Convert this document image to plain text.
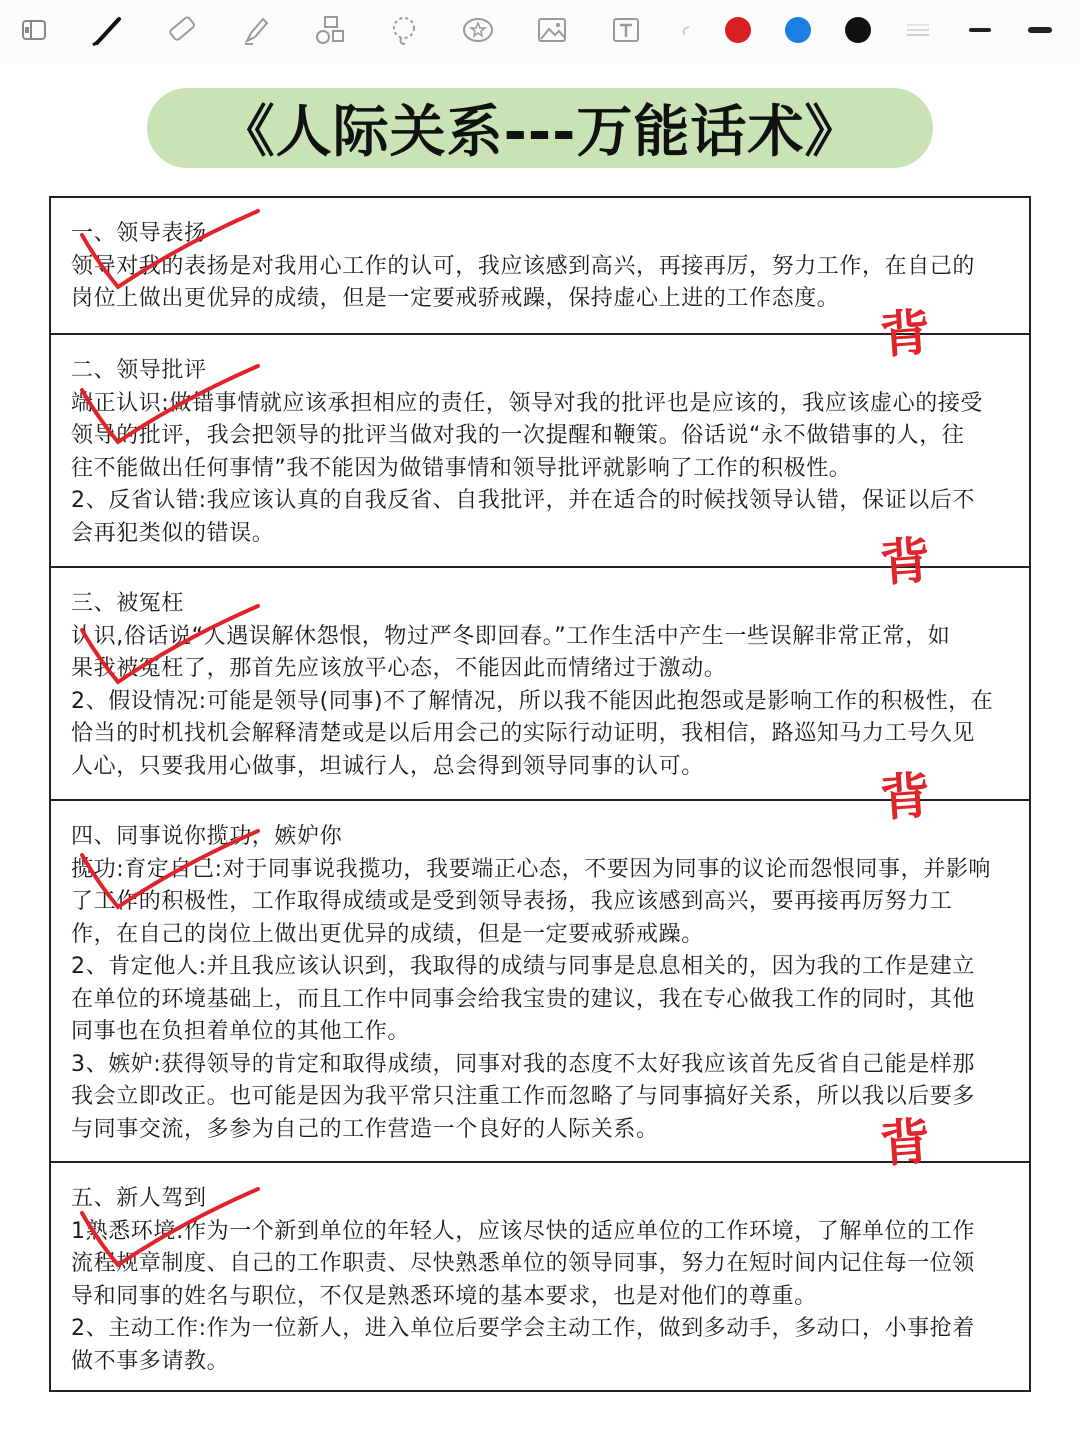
《人际关系---万能话术》
一、领导表扬
领导对我的表扬是对我用心工作的认可，我应该感到高兴，再接再厉，努力工作，在自己的
岗位上做出更优异的成绩，但是一定要戒骄戒躁，保持虚心上进的工作态度。
二、领导批评
端正认识:做错事情就应该承担相应的责任，领导对我的批评也是应该的，我应该虚心的接受
领导的批评，我会把领导的批评当做对我的一次提醒和鞭策。俗话说“永不做错事的人，往
往不能做出任何事情”我不能因为做错事情和领导批评就影响了工作的积极性。
2、反省认错:我应该认真的自我反省、自我批评，并在适合的时候找领导认错，保证以后不
会再犯类似的错误。
三、被冤枉
认识,俗话说“人遇误解休怨恨，物过严冬即回春。”工作生活中产生一些误解非常正常，如
果我被冤枉了，那首先应该放平心态，不能因此而情绪过于激动。
2、假设情况:可能是领导(同事)不了解情况，所以我不能因此抱怨或是影响工作的积极性，在
恰当的时机找机会解释清楚或是以后用会己的实际行动证明，我相信，路巡知马力工号久见
人心，只要我用心做事，坦诚行人，总会得到领导同事的认可。
四、同事说你揽功，嫉妒你
揽功:育定自己:对于同事说我揽功，我要端正心态，不要因为同事的议论而怨恨同事，并影响
了工作的积极性，工作取得成绩或是受到领导表扬，我应该感到高兴，要再接再厉努力工
作，在自己的岗位上做出更优异的成绩，但是一定要戒骄戒躁。
2、肯定他人:并且我应该认识到，我取得的成绩与同事是息息相关的，因为我的工作是建立
在单位的环境基础上，而且工作中同事会给我宝贵的建议，我在专心做我工作的同时，其他
同事也在负担着单位的其他工作。
3、嫉妒:获得领导的肯定和取得成绩，同事对我的态度不太好我应该首先反省自己能是样那
我会立即改正。也可能是因为我平常只注重工作而忽略了与同事搞好关系，所以我以后要多
与同事交流，多参为自己的工作营造一个良好的人际关系。
五、新人驾到
1熟悉环境:作为一个新到单位的年轻人，应该尽快的适应单位的工作环境，了解单位的工作
流程规章制度、自己的工作职责、尽快熟悉单位的领导同事，努力在短时间内记住每一位领
导和同事的姓名与职位，不仅是熟悉环境的基本要求，也是对他们的尊重。
2、主动工作:作为一位新人，进入单位后要学会主动工作，做到多动手，多动口，小事抢着
做不事多请教。
背
背
背
背
